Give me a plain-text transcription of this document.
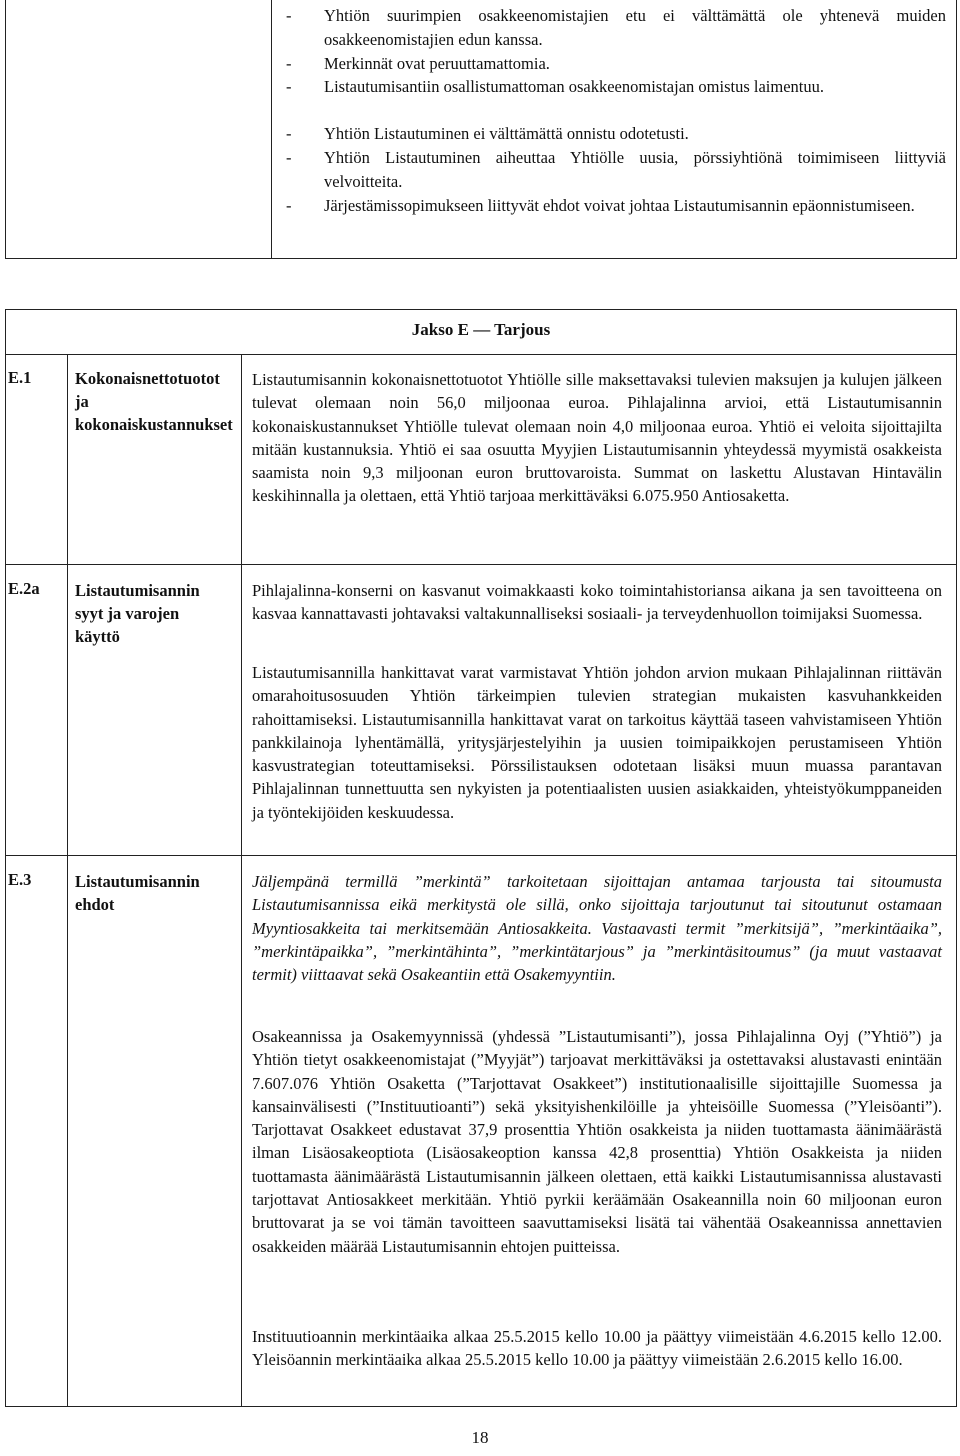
- Yhtiön suurimpien osakkeenomistajien etu ei välttämättä ole yhtenevä muiden osakkeenomistajien edun kanssa.
- Merkinnät ovat peruuttamattomia.
- Listautumisantiin osallistumattoman osakkeenomistajan omistus laimentuu.
- Yhtiön Listautuminen ei välttämättä onnistu odotetusti.
- Yhtiön Listautuminen aiheuttaa Yhtiölle uusia, pörssiyhtiönä toimimiseen liittyviä velvoitteita.
- Järjestämissopimukseen liittyvät ehdot voivat johtaa Listautumisannin epäonnistumiseen.
Jakso E — Tarjous
E.1	Kokonaisnettotuotot ja kokonaiskustannukset
Listautumisannin kokonaisnettotuotot Yhtiölle sille maksettavaksi tulevien maksujen ja kulujen jälkeen tulevat olemaan noin 56,0 miljoonaa euroa. Pihlajalinna arvioi, että Listautumisannin kokonaiskustannukset Yhtiölle tulevat olemaan noin 4,0 miljoonaa euroa. Yhtiö ei veloita sijoittajilta mitään kustannuksia. Yhtiö ei saa osuutta Myyjien Listautumisannin yhteydessä myymistä osakkeista saamista noin 9,3 miljoonan euron bruttovaroista. Summat on laskettu Alustavan Hintavälin keskihinnalla ja olettaen, että Yhtiö tarjoaa merkittäväksi 6.075.950 Antiosaketta.
E.2a Listautumisannin syyt ja varojen käyttö
Pihlajalinna-konserni on kasvanut voimakkaasti koko toimintahistoriansa aikana ja sen tavoitteena on kasvaa kannattavasti johtavaksi valtakunnalliseksi sosiaali- ja terveydenhuollon toimijaksi Suomessa.
Listautumisannilla hankittavat varat varmistavat Yhtiön johdon arvion mukaan Pihlajalinnan riittävän omarahoitusosuuden Yhtiön tärkeimpien tulevien strategian mukaisten kasvuhankkeiden rahoittamiseksi. Listautumisannilla hankittavat varat on tarkoitus käyttää taseen vahvistamiseen Yhtiön pankkilainoja lyhentämällä, yritysjärjestelyihin ja uusien toimipaikkojen perustamiseen Yhtiön kasvustrategian toteuttamiseksi. Pörssilistauksen odotetaan lisäksi muun muassa parantavan Pihlajalinnan tunnettuutta sen nykyisten ja potentiaalisten uusien asiakkaiden, yhteistyökumppaneiden ja työntekijöiden keskuudessa.
E.3	Listautumisannin ehdot
Jäljempänä termillä ”merkintä” tarkoitetaan sijoittajan antamaa tarjousta tai sitoumusta Listautumisannissa eikä merkitystä ole sillä, onko sijoittaja tarjoutunut tai sitoutunut ostamaan Myyntiosakkeita tai merkitsemään Antiosakkeita. Vastaavasti termit ”merkitsijä”, ”merkintäaika”, ”merkintäpaikka”, ”merkintähinta”, ”merkintätarjous” ja ”merkintäsitoumus” (ja muut vastaavat termit) viittaavat sekä Osakeantiin että Osakemyyntiin.
Osakeannissa ja Osakemyynnissä (yhdessä ”Listautumisanti”), jossa Pihlajalinna Oyj (”Yhtiö”) ja Yhtiön tietyt osakkeenomistajat (”Myyjät”) tarjoavat merkittäväksi ja ostettavaksi alustavasti enintään 7.607.076 Yhtiön Osaketta (”Tarjottavat Osakkeet”) institutionaalisille sijoittajille Suomessa ja kansainvälisesti (”Instituutioanti”) sekä yksityishenkilöille ja yhteisöille Suomessa (”Yleisöanti”). Tarjottavat Osakkeet edustavat 37,9 prosenttia Yhtiön osakkeista ja niiden tuottamasta äänimäärästä ilman Lisäosakeoptiota (Lisäosakeoption kanssa 42,8 prosenttia) Yhtiön Osakkeista ja niiden tuottamasta äänimäärästä Listautumisannin jälkeen olettaen, että kaikki Listautumisannissa alustavasti tarjottavat Antiosakkeet merkitään. Yhtiö pyrkii keräämään Osakeannilla noin 60 miljoonan euron bruttovarat ja se voi tämän tavoitteen saavuttamiseksi lisätä tai vähentää Osakeannissa annettavien osakkeiden määrää Listautumisannin ehtojen puitteissa.
Instituutioannin merkintäaika alkaa 25.5.2015 kello 10.00 ja päättyy viimeistään 4.6.2015 kello 12.00. Yleisöannin merkintäaika alkaa 25.5.2015 kello 10.00 ja päättyy viimeistään 2.6.2015 kello 16.00.
18
